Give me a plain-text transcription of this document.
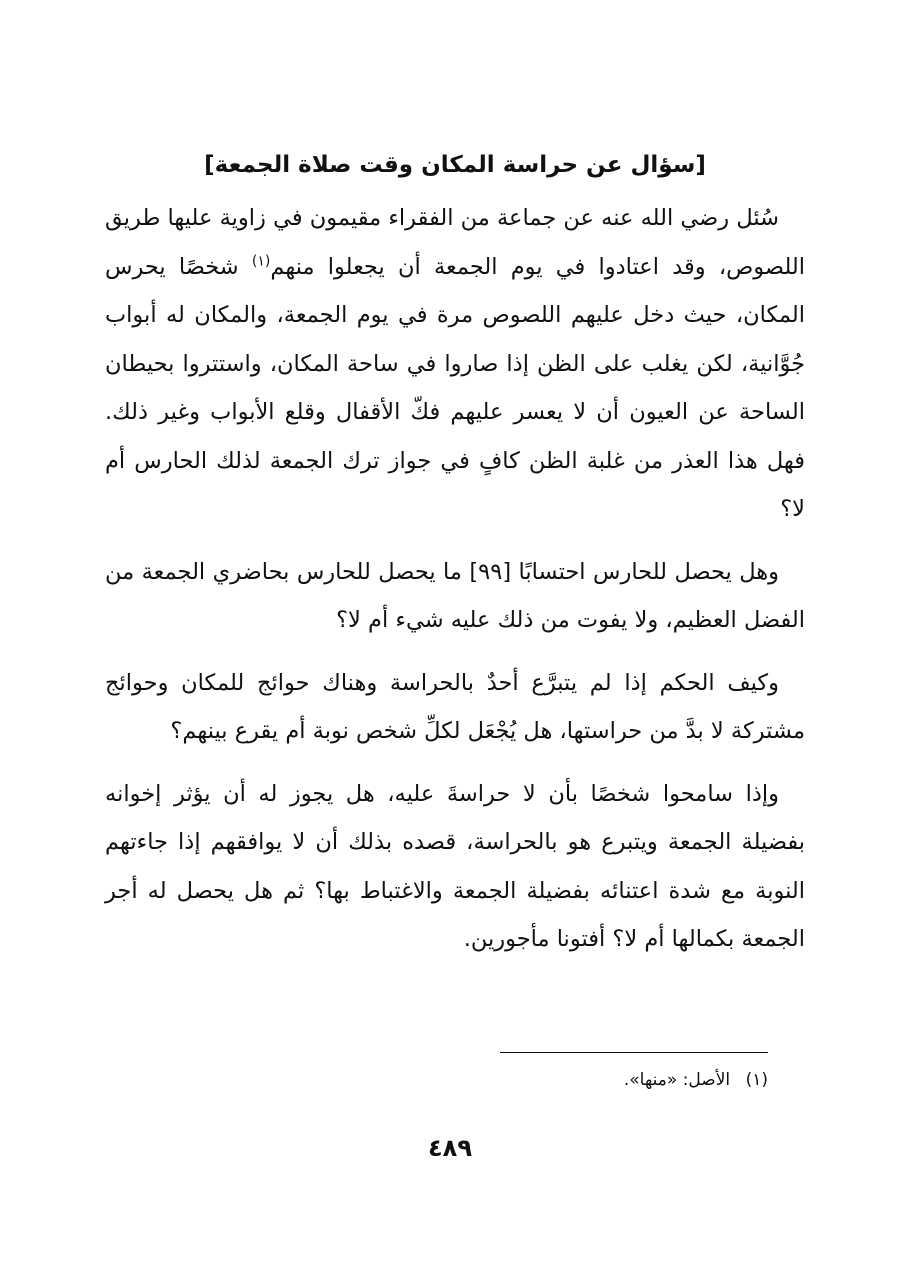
[سؤال عن حراسة المكان وقت صلاة الجمعة]

سُئل رضي الله عنه عن جماعة من الفقراء مقيمون في زاوية عليها طريق اللصوص، وقد اعتادوا في يوم الجمعة أن يجعلوا منهم$^{(١)}$ شخصًا يحرس المكان، حيث دخل عليهم اللصوص مرة في يوم الجمعة، والمكان له أبواب جُوَّانية، لكن يغلب على الظن إذا صاروا في ساحة المكان، واستتروا بحيطان الساحة عن العيون أن لا يعسر عليهم فكّ الأقفال وقلع الأبواب وغير ذلك. فهل هذا العذر من غلبة الظن كافٍ في جواز ترك الجمعة لذلك الحارس أم لا؟

وهل يحصل للحارس احتسابًا [٩٩] ما يحصل للحارس بحاضري الجمعة من الفضل العظيم، ولا يفوت من ذلك عليه شيء أم لا؟

وكيف الحكم إذا لم يتبرَّع أحدٌ بالحراسة وهناك حوائج للمكان وحوائج مشتركة لا بدَّ من حراستها، هل يُجْعَل لكلِّ شخص نوبة أم يقرع بينهم؟

وإذا سامحوا شخصًا بأن لا حراسةَ عليه، هل يجوز له أن يؤثر إخوانه بفضيلة الجمعة ويتبرع هو بالحراسة، قصده بذلك أن لا يوافقهم إذا جاءتهم النوبة مع شدة اعتنائه بفضيلة الجمعة والاغتباط بها؟ ثم هل يحصل له أجر الجمعة بكمالها أم لا؟ أفتونا مأجورين.

(١) الأصل: «منها».
٤٨٩
